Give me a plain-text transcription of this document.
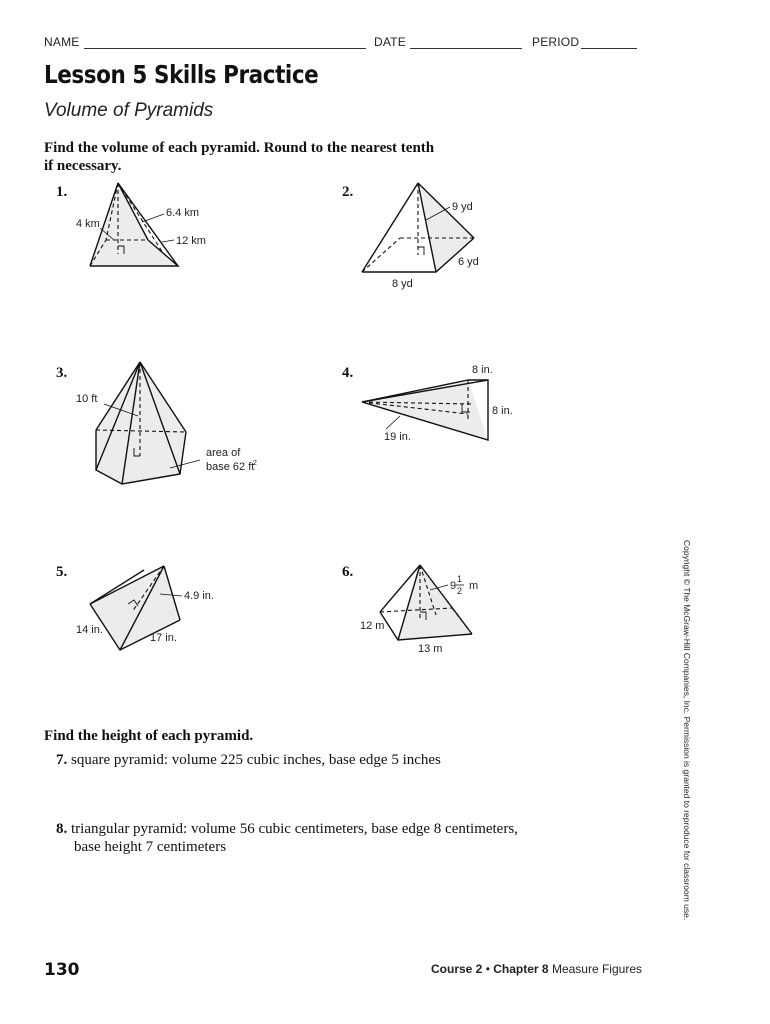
NAME	DATE	PERIOD
Lesson 5 Skills Practice
Volume of Pyramids
Find the volume of each pyramid. Round to the nearest tenth
if necessary.
1.	2.
3.	4.
5.	6.
4 km
6.4 km
12 km
9 yd
6 yd
8 yd
10 ft
area of
base 62 ft
2
8 in.
8 in.
19 in.
4.9 in.
14 in.
17 in.
9
1
2 m
12 m
13 m
Find the height of each pyramid.
7. square pyramid: volume 225 cubic inches, base edge 5 inches
8. triangular pyramid: volume 56 cubic centimeters, base edge 8 centimeters,
base height 7 centimeters	Copyright © The McGraw-Hill Companies, Inc. Permission is granted to reproduce for classroom use.
130	Course 2 • Chapter 8 Measure Figures
